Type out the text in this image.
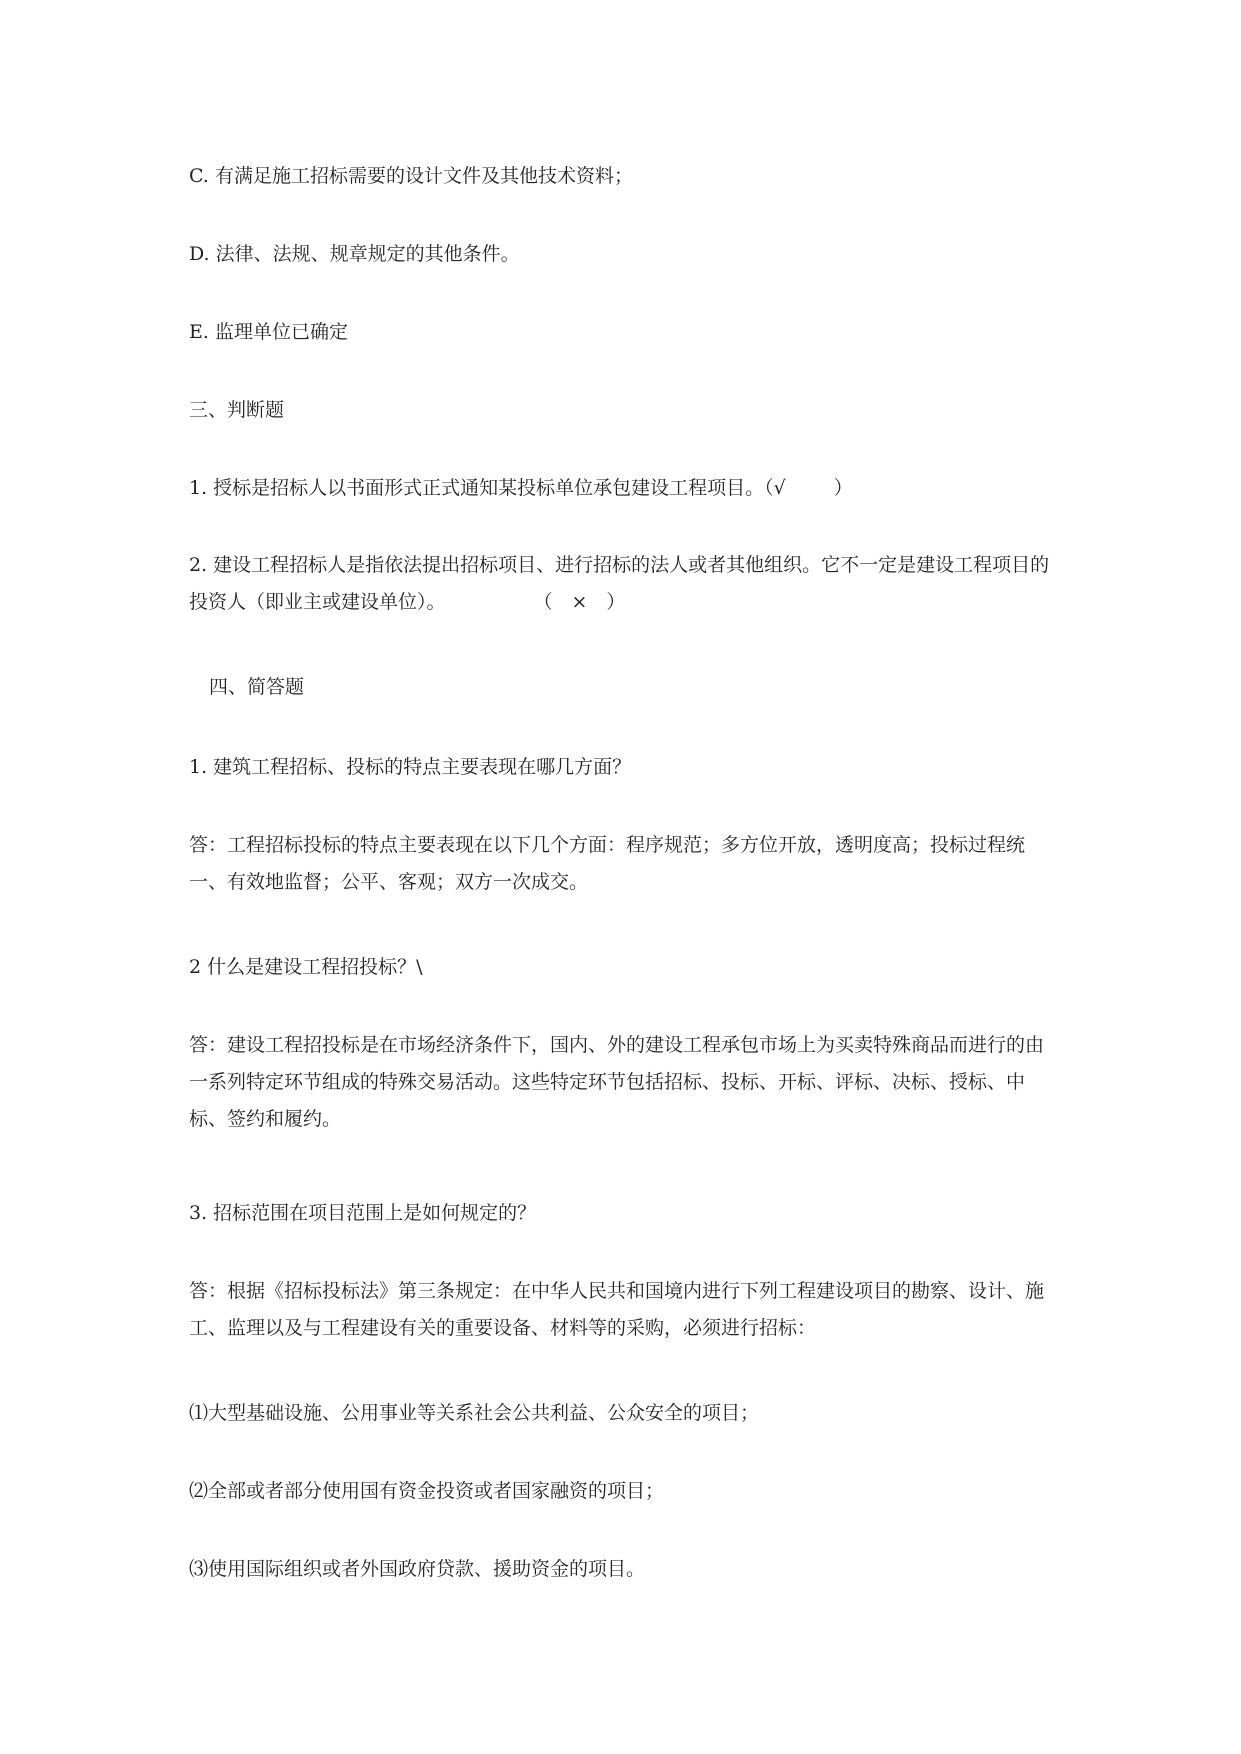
C. 有满足施工招标需要的设计文件及其他技术资料；

D. 法律、法规、规章规定的其他条件。

E. 监理单位已确定

三、判断题

1. 授标是招标人以书面形式正式通知某投标单位承包建设工程项目。（√	）

2. 建设工程招标人是指依法提出招标项目、进行招标的法人或者其他组织。它不一定是建设工程项目的投资人（即业主或建设单位）。	（　×　）

四、简答题

1. 建筑工程招标、投标的特点主要表现在哪几方面？

答：工程招标投标的特点主要表现在以下几个方面：程序规范；多方位开放，透明度高；投标过程统一、有效地监督；公平、客观；双方一次成交。

2 什么是建设工程招投标？\

答：建设工程招投标是在市场经济条件下，国内、外的建设工程承包市场上为买卖特殊商品而进行的由一系列特定环节组成的特殊交易活动。这些特定环节包括招标、投标、开标、评标、决标、授标、中标、签约和履约。

3. 招标范围在项目范围上是如何规定的？

答：根据《招标投标法》第三条规定：在中华人民共和国境内进行下列工程建设项目的勘察、设计、施工、监理以及与工程建设有关的重要设备、材料等的采购，必须进行招标：

⑴大型基础设施、公用事业等关系社会公共利益、公众安全的项目；

⑵全部或者部分使用国有资金投资或者国家融资的项目；

⑶使用国际组织或者外国政府贷款、援助资金的项目。
